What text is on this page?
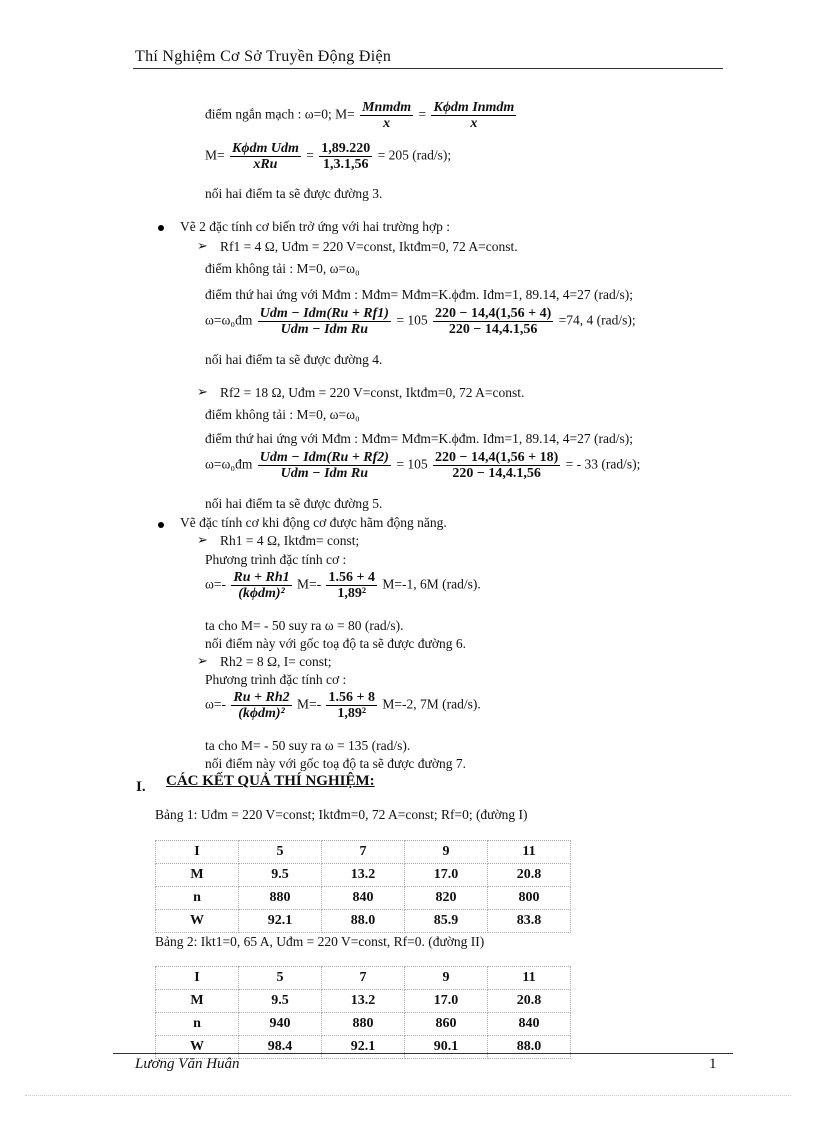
Thí Nghiệm Cơ Sở Truyền Động Điện
điểm ngắn mạch : ω=0; $M= \frac{\text{Mnmdm}}{x} = \frac{\text{Kϕdm Inmdm}}{x}$
$M= \frac{\text{Kϕdm Udm}}{\text{xRu}} = \frac{1,89.220}{1,3.1,56} = 205$ (rad/s);
nối hai điểm ta sẽ được đường 3.
Vẽ 2 đặc tính cơ biến trở ứng với hai trường hợp :
➢ Rf1 = 4 Ω, Uđm = 220 V=const, Iktđm=0, 72 A=const.
điểm không tải : M=0, ω=ω₀
điểm thứ hai ứng với Mđm : Mđm= Mđm=K.ϕđm. Iđm=1, 89.14, 4=27 (rad/s);
ω=ω₀đm $\frac{\text{Udm − Idm(Ru + Rf1)}}{\text{Udm − Idm Ru}} = 105 \frac{220 - 14,4(1,56 + 4)}{220 - 14,4.1,56} =74$, 4 (rad/s);
nối hai điểm ta sẽ được đường 4.
➢ Rf2 = 18 Ω, Uđm = 220 V=const, Iktđm=0, 72 A=const.
điểm không tải : M=0, ω=ω₀
điểm thứ hai ứng với Mđm : Mđm= Mđm=K.ϕđm. Iđm=1, 89.14, 4=27 (rad/s);
ω=ω₀đm $\frac{\text{Udm − Idm(Ru + Rf2)}}{\text{Udm − Idm Ru}} = 105 \frac{220 - 14,4(1,56 + 18)}{220 - 14,4.1,56}$ = - 33 (rad/s);
nối hai điểm ta sẽ được đường 5.
Vẽ đặc tính cơ khi động cơ được hãm động năng.
➢ Rh1 = 4 Ω, Iktđm= const;
Phương trình đặc tính cơ :
$\omega=- \frac{Ru + Rh1}{\text{(kϕdm)²}} M=- \frac{1.56 + 4}{\text{1,89²}} M=-1$, 6M (rad/s).
ta cho M= - 50 suy ra ω = 80 (rad/s).
nối điểm này với gốc toạ độ ta sẽ được đường 6.
➢ Rh2 = 8 Ω, I= const;
Phương trình đặc tính cơ :
$\omega=- \frac{Ru + Rh2}{\text{(kϕdm)²}} M=- \frac{1.56 + 8}{\text{1,89²}} M=-2$, 7M (rad/s).
ta cho M= - 50 suy ra ω = 135 (rad/s).
nối điểm này với gốc toạ độ ta sẽ được đường 7.
I. CÁC KẾT QUẢ THÍ NGHIỆM:
Bảng 1: Uđm = 220 V=const; Iktđm=0, 72 A=const; Rf=0; (đường I)
I	5	7	9	11
M	9.5	13.2	17.0	20.8
n	880	840	820	800
W	92.1	88.0	85.9	83.8
Bảng 2: Ikt1=0, 65 A, Uđm = 220 V=const, Rf=0. (đường II)
I	5	7	9	11
M	9.5	13.2	17.0	20.8
n	940	880	860	840
W	98.4	92.1	90.1	88.0
Lương Văn Huân	1
